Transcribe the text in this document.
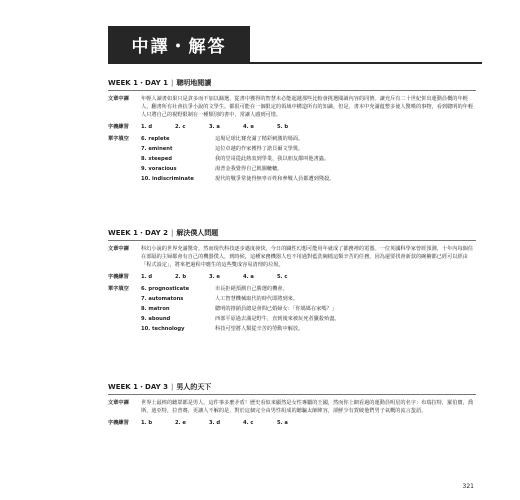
中譯・解答
WEEK 1・DAY 1 | 聰明地閱讀
文章中譯	年輕人讀書如果只是貪多而不加以篩選，從書中獲得的智慧未必能超越那些比較會挑選閱讀內容的同儕。讓充斥有二十世紀併出運動員概的年輕人，翻書所有社會抗爭小說的文學生。都很可能在一個限定的領域中構造所有的知識，但是，書本中充滿蕴整多使人驚嘆的事物，看到聰明的年輕人只將自己的視野限制在一種類別的書中，常讓人感到可惜。
字義練習	1. d	2. c	3. a	4. e	5. b
單字填空	6. replete	這場足球比賽充滿了精彩刺激的場面。
7. eminent	這位卓越的作家獲得了諾貝爾文學獎。
8. steeped	我的堂哥從此熱衷到學業，我以朋友都叫他書蟲。
9. voracious	湯普金我覺得自己飢腸轆轆。
10. indiscriminate	現代的戰爭常使得無辜百姓和參戰人員都遭到殘殺。
WEEK 1・DAY 2 | 解決僕人問題
文章中譯	科幻小說的世界充滿驚奇，然而現代科技逐步邁度發快，今日的職性幻想可能用年就成了都務裡的電器。一位英國科學家曾經預測，十年內每個住在部隔的主婦都會有自己的機器僕人，到時候，這種家務機器人也不用過對藍洗碗檔這類辛苦的任務，因為還要找會新款的碗櫥都已經可以經由「程式設定」，將來把過程中應生的這些雙成容易清理的垃圾。
字義練習	1. d	2. b	3. e	4. a	5. c
單字填空	6. prognosticate	市長拒絕預測自己勝選的機會。
7. automatons	人工智慧機械取代的時代即將到來。
8. matron	聰明的推銷員總是會問已婚婦女：「你媽媽在家嗎？」
9. abound	西部平原過去滿是野牛，直到後來被玩死者獵殺殆盡。
10. technology	科技可望將人類從辛苦的勞動中解放。
WEEK 1・DAY 3 | 男人的天下
文章中譯	世界上最棒的聽眾都是男人，這件事多麼矛盾！歷史看似來顯然是女性專屬的王國，然而你上網看過的運動員明星的名字：布瑞拉特，羅伯寶，喬斯，迪亞特，拉普賽，更讓人不解的是，對於這個完全由男性組成的聽騙太師陣容，卻鮮少有賀破他們男子氣概的流言蜚語。
字義練習	1. b	2. e	3. d	4. c	5. a
321
